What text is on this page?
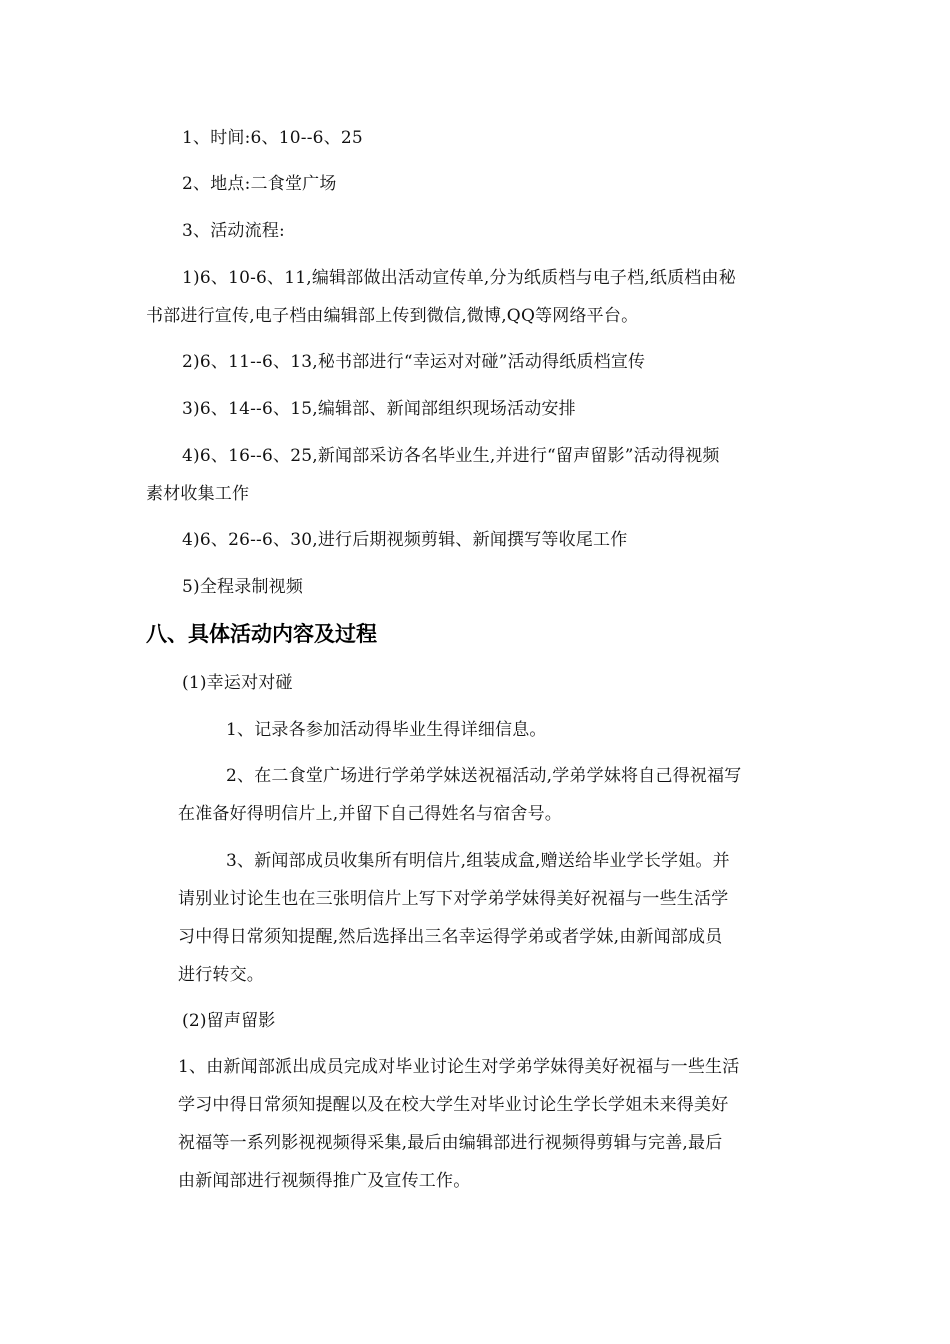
1、时间:6、10--6、25
2、地点:二食堂广场
3、活动流程:
1)6、10-6、11,编辑部做出活动宣传单,分为纸质档与电子档,纸质档由秘
书部进行宣传,电子档由编辑部上传到微信,微博,QQ等网络平台。
2)6、11--6、13,秘书部进行“幸运对对碰”活动得纸质档宣传
3)6、14--6、15,编辑部、新闻部组织现场活动安排
4)6、16--6、25,新闻部采访各名毕业生,并进行“留声留影”活动得视频
素材收集工作
4)6、26--6、30,进行后期视频剪辑、新闻撰写等收尾工作
5)全程录制视频
八、具体活动内容及过程
(1)幸运对对碰
1、记录各参加活动得毕业生得详细信息。
2、在二食堂广场进行学弟学妹送祝福活动,学弟学妹将自己得祝福写
在准备好得明信片上,并留下自己得姓名与宿舍号。
3、新闻部成员收集所有明信片,组装成盒,赠送给毕业学长学姐。并
请别业讨论生也在三张明信片上写下对学弟学妹得美好祝福与一些生活学
习中得日常须知提醒,然后选择出三名幸运得学弟或者学妹,由新闻部成员
进行转交。
(2)留声留影
1、由新闻部派出成员完成对毕业讨论生对学弟学妹得美好祝福与一些生活
学习中得日常须知提醒以及在校大学生对毕业讨论生学长学姐未来得美好
祝福等一系列影视视频得采集,最后由编辑部进行视频得剪辑与完善,最后
由新闻部进行视频得推广及宣传工作。
